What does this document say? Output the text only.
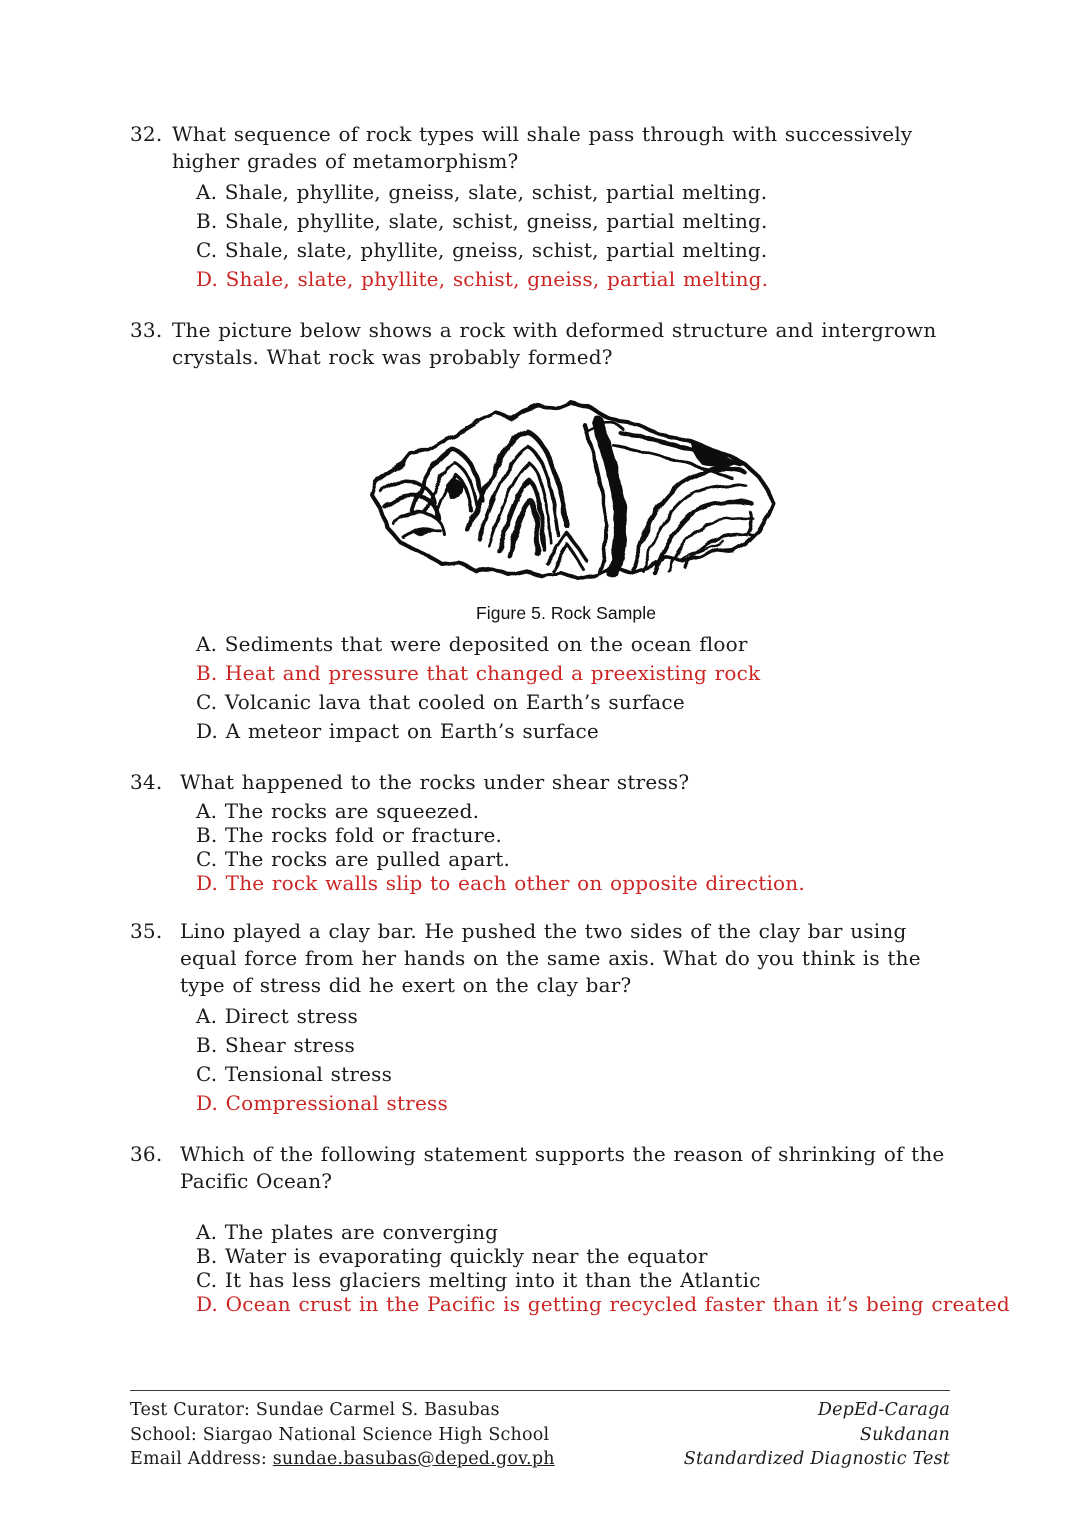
32. What sequence of rock types will shale pass through with successively higher grades of metamorphism?
A. Shale, phyllite, gneiss, slate, schist, partial melting.
B. Shale, phyllite, slate, schist, gneiss, partial melting.
C. Shale, slate, phyllite, gneiss, schist, partial melting.
D. Shale, slate, phyllite, schist, gneiss, partial melting.
33. The picture below shows a rock with deformed structure and intergrown crystals. What rock was probably formed?
Figure 5. Rock Sample
A. Sediments that were deposited on the ocean floor
B. Heat and pressure that changed a preexisting rock
C. Volcanic lava that cooled on Earth’s surface
D. A meteor impact on Earth’s surface
34. What happened to the rocks under shear stress?
A. The rocks are squeezed.
B. The rocks fold or fracture.
C. The rocks are pulled apart.
D. The rock walls slip to each other on opposite direction.
35. Lino played a clay bar. He pushed the two sides of the clay bar using equal force from her hands on the same axis. What do you think is the type of stress did he exert on the clay bar?
A. Direct stress
B. Shear stress
C. Tensional stress
D. Compressional stress
36. Which of the following statement supports the reason of shrinking of the Pacific Ocean?
A. The plates are converging
B. Water is evaporating quickly near the equator
C. It has less glaciers melting into it than the Atlantic
D. Ocean crust in the Pacific is getting recycled faster than it’s being created
Test Curator: Sundae Carmel S. Basubas
School: Siargao National Science High School
Email Address: sundae.basubas@deped.gov.ph
DepEd-Caraga
Sukdanan
Standardized Diagnostic Test
